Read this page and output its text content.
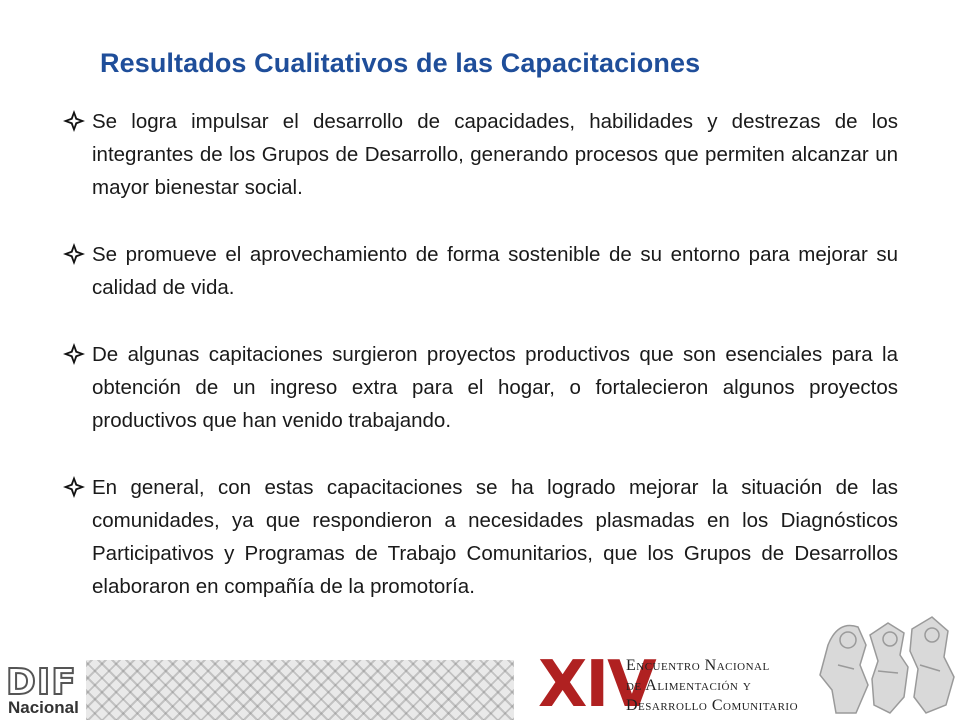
Resultados Cualitativos de las Capacitaciones
Se logra impulsar el desarrollo de capacidades, habilidades y destrezas de los integrantes de los Grupos de Desarrollo, generando procesos que permiten alcanzar un mayor bienestar social.
Se promueve el aprovechamiento de forma sostenible de su entorno para mejorar su calidad de vida.
De algunas capitaciones surgieron proyectos productivos que son esenciales para la obtención de un ingreso extra para el hogar, o fortalecieron algunos proyectos productivos que han venido trabajando.
En general, con estas capacitaciones se ha logrado mejorar la situación de las comunidades, ya que respondieron a necesidades plasmadas en los Diagnósticos Participativos y Programas de Trabajo Comunitarios, que los Grupos de Desarrollos elaboraron en compañía de la promotoría.
DIF
Nacional	XIV
Encuentro Nacional
de Alimentación y
Desarrollo Comunitario
